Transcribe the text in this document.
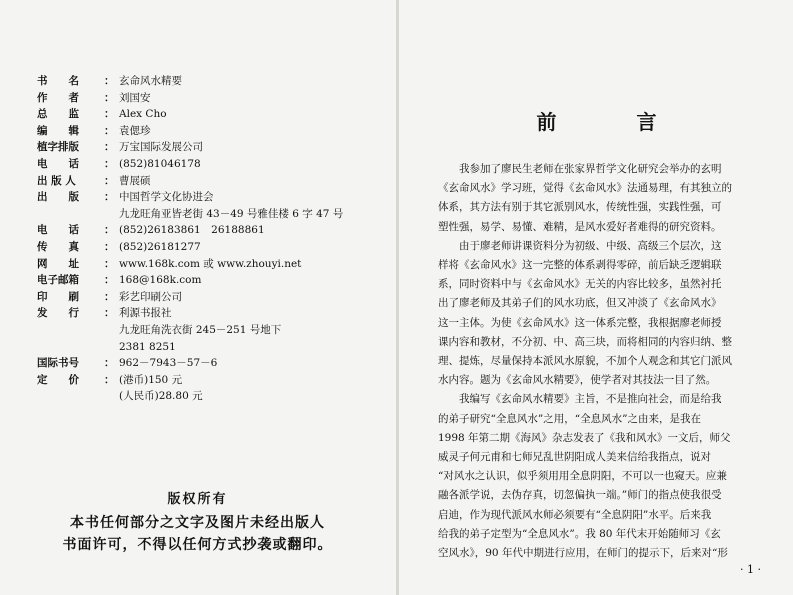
书　　名	： 玄命风水精要
作　　者	： 刘国安
总　　监	： Alex Cho
编　　辑	： 袁偲珍
植字排版	： 万宝国际发展公司
电　　话	： (852)81046178
出 版 人	： 曹展硕
出　　版	： 中国哲学文化协进会
九龙旺角亚皆老街 43－49 号雅佳楼 6 字 47 号
电　　话	： (852)26183861　26188861
传　　真	： (852)26181277
网　　址	： www.168k.com 或 www.zhouyi.net
电子邮箱	： 168@168k.com
印　　刷	： 彩艺印刷公司
发　　行	： 利源书报社
九龙旺角洗衣街 245－251 号地下
2381 8251
国际书号	： 962－7943－57－6
定　　价	： (港币)150 元
(人民币)28.80 元
版权所有
本书任何部分之文字及图片未经出版人
书面许可，不得以任何方式抄袭或翻印。
前　言
· 1 ·
　　我参加了廖民生老师在张家界哲学文化研究会举办的玄明
《玄命风水》学习班，觉得《玄命风水》法通易理，有其独立的
体系，其方法有别于其它派别风水，传统性强，实践性强，可
塑性强，易学、易懂、难精，是风水爱好者难得的研究资料。
　　由于廖老师讲课资料分为初级、中级、高级三个层次，这
样将《玄命风水》这一完整的体系剥得零碎，前后缺乏逻辑联
系，同时资料中与《玄命风水》无关的内容比较多，虽然衬托
出了廖老师及其弟子们的风水功底，但又冲淡了《玄命风水》
这一主体。为使《玄命风水》这一体系完整，我根据廖老师授
课内容和教材，不分初、中、高三块，而将相同的内容归纳、整
理、提炼，尽量保持本派风水原貌，不加个人观念和其它门派风
水内容。题为《玄命风水精要》，使学者对其技法一目了然。
　　我编写《玄命风水精要》主旨，不是推向社会，而是给我
的弟子研究“全息风水”之用，“全息风水”之由来，是我在
1998 年第二期《海风》杂志发表了《我和风水》一文后，师父
威灵子何元甫和七师兄乱世阴阳成人美来信给我指点，说对
“对风水之认识，似乎须用用全息阴阳，不可以一也窥天。应兼
融各派学说，去伪存真，切忽偏执一端。”师门的指点使我很受
启迪，作为现代派风水师必须要有“全息阴阳”水平。后来我
给我的弟子定型为“全息风水”。我 80 年代末开始随师习《玄
空风水》，90 年代中期进行应用，在师门的提示下，后来对“形
